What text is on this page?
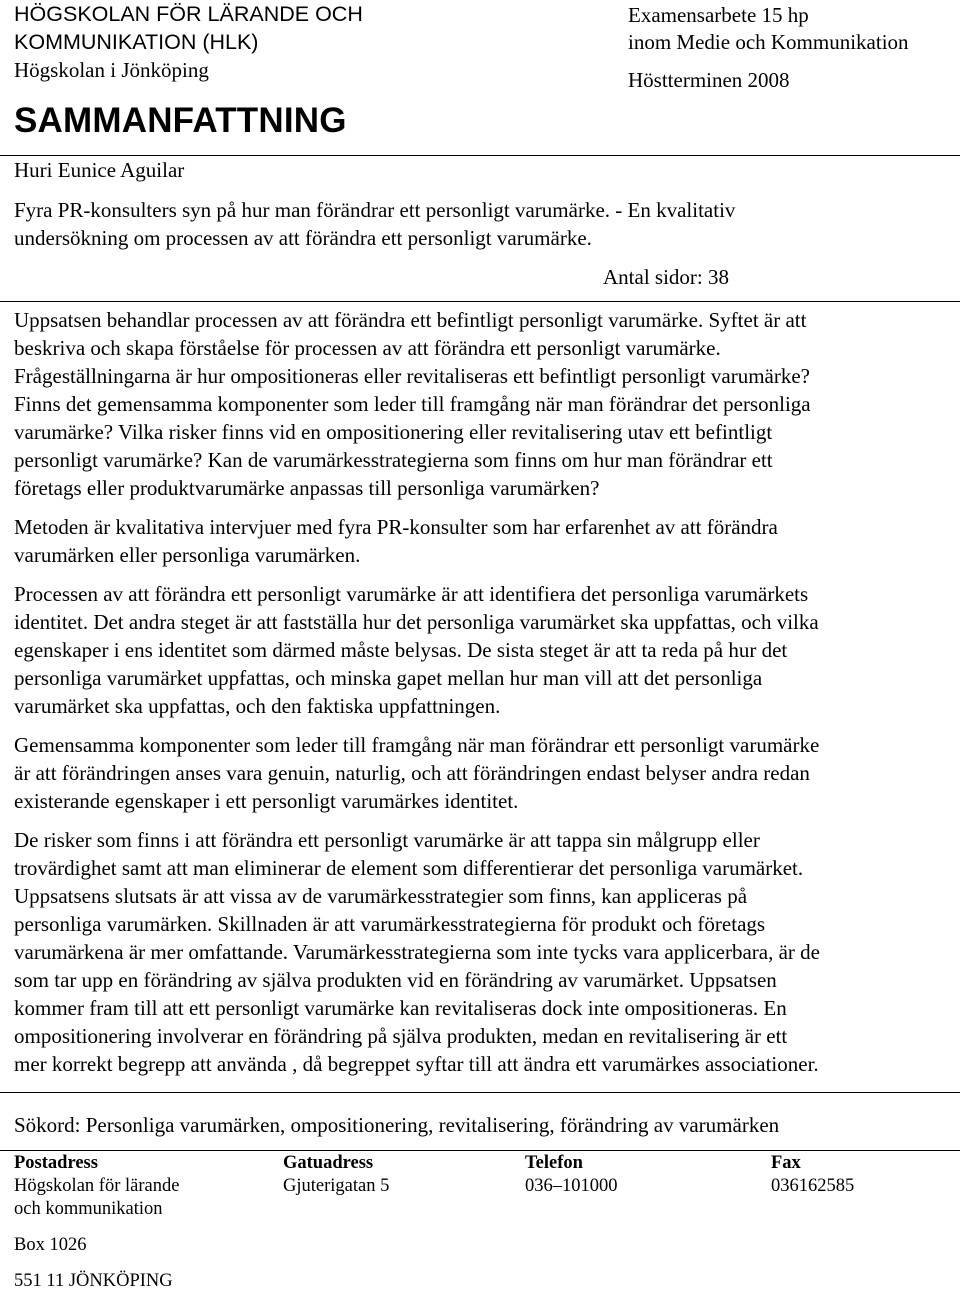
HÖGSKOLAN FÖR LÄRANDE OCH
KOMMUNIKATION (HLK)
Högskolan i Jönköping
Examensarbete 15 hp
inom Medie och Kommunikation
Höstterminen 2008
SAMMANFATTNING
Huri Eunice Aguilar
Fyra PR-konsulters syn på hur man förändrar ett personligt varumärke. - En kvalitativ
undersökning om processen av att förändra ett personligt varumärke.
Antal sidor: 38

Uppsatsen behandlar processen av att förändra ett befintligt personligt varumärke. Syftet är att
beskriva och skapa förståelse för processen av att förändra ett personligt varumärke.
Frågeställningarna är hur ompositioneras eller revitaliseras ett befintligt personligt varumärke?
Finns det gemensamma komponenter som leder till framgång när man förändrar det personliga
varumärke? Vilka risker finns vid en ompositionering eller revitalisering utav ett befintligt
personligt varumärke? Kan de varumärkesstrategierna som finns om hur man förändrar ett
företags eller produktvarumärke anpassas till personliga varumärken?

Metoden är kvalitativa intervjuer med fyra PR-konsulter som har erfarenhet av att förändra
varumärken eller personliga varumärken.

Processen av att förändra ett personligt varumärke är att identifiera det personliga varumärkets
identitet. Det andra steget är att fastställa hur det personliga varumärket ska uppfattas, och vilka
egenskaper i ens identitet som därmed måste belysas. De sista steget är att ta reda på hur det
personliga varumärket uppfattas, och minska gapet mellan hur man vill att det personliga
varumärket ska uppfattas, och den faktiska uppfattningen.

Gemensamma komponenter som leder till framgång när man förändrar ett personligt varumärke
är att förändringen anses vara genuin, naturlig, och att förändringen endast belyser andra redan
existerande egenskaper i ett personligt varumärkes identitet.

De risker som finns i att förändra ett personligt varumärke är att tappa sin målgrupp eller
trovärdighet samt att man eliminerar de element som differentierar det personliga varumärket.
Uppsatsens slutsats är att vissa av de varumärkesstrategier som finns, kan appliceras på
personliga varumärken. Skillnaden är att varumärkesstrategierna för produkt och företags
varumärkena är mer omfattande. Varumärkesstrategierna som inte tycks vara applicerbara, är de
som tar upp en förändring av själva produkten vid en förändring av varumärket. Uppsatsen
kommer fram till att ett personligt varumärke kan revitaliseras dock inte ompositioneras. En
ompositionering involverar en förändring på själva produkten, medan en revitalisering är ett
mer korrekt begrepp att använda , då begreppet syftar till att ändra ett varumärkes associationer.

Sökord: Personliga varumärken, ompositionering, revitalisering, förändring av varumärken
Postadress
Högskolan för lärande
och kommunikation
Box 1026
551 11 JÖNKÖPING
Gatuadress
Gjuterigatan 5
Telefon
036–101000
Fax
036162585
